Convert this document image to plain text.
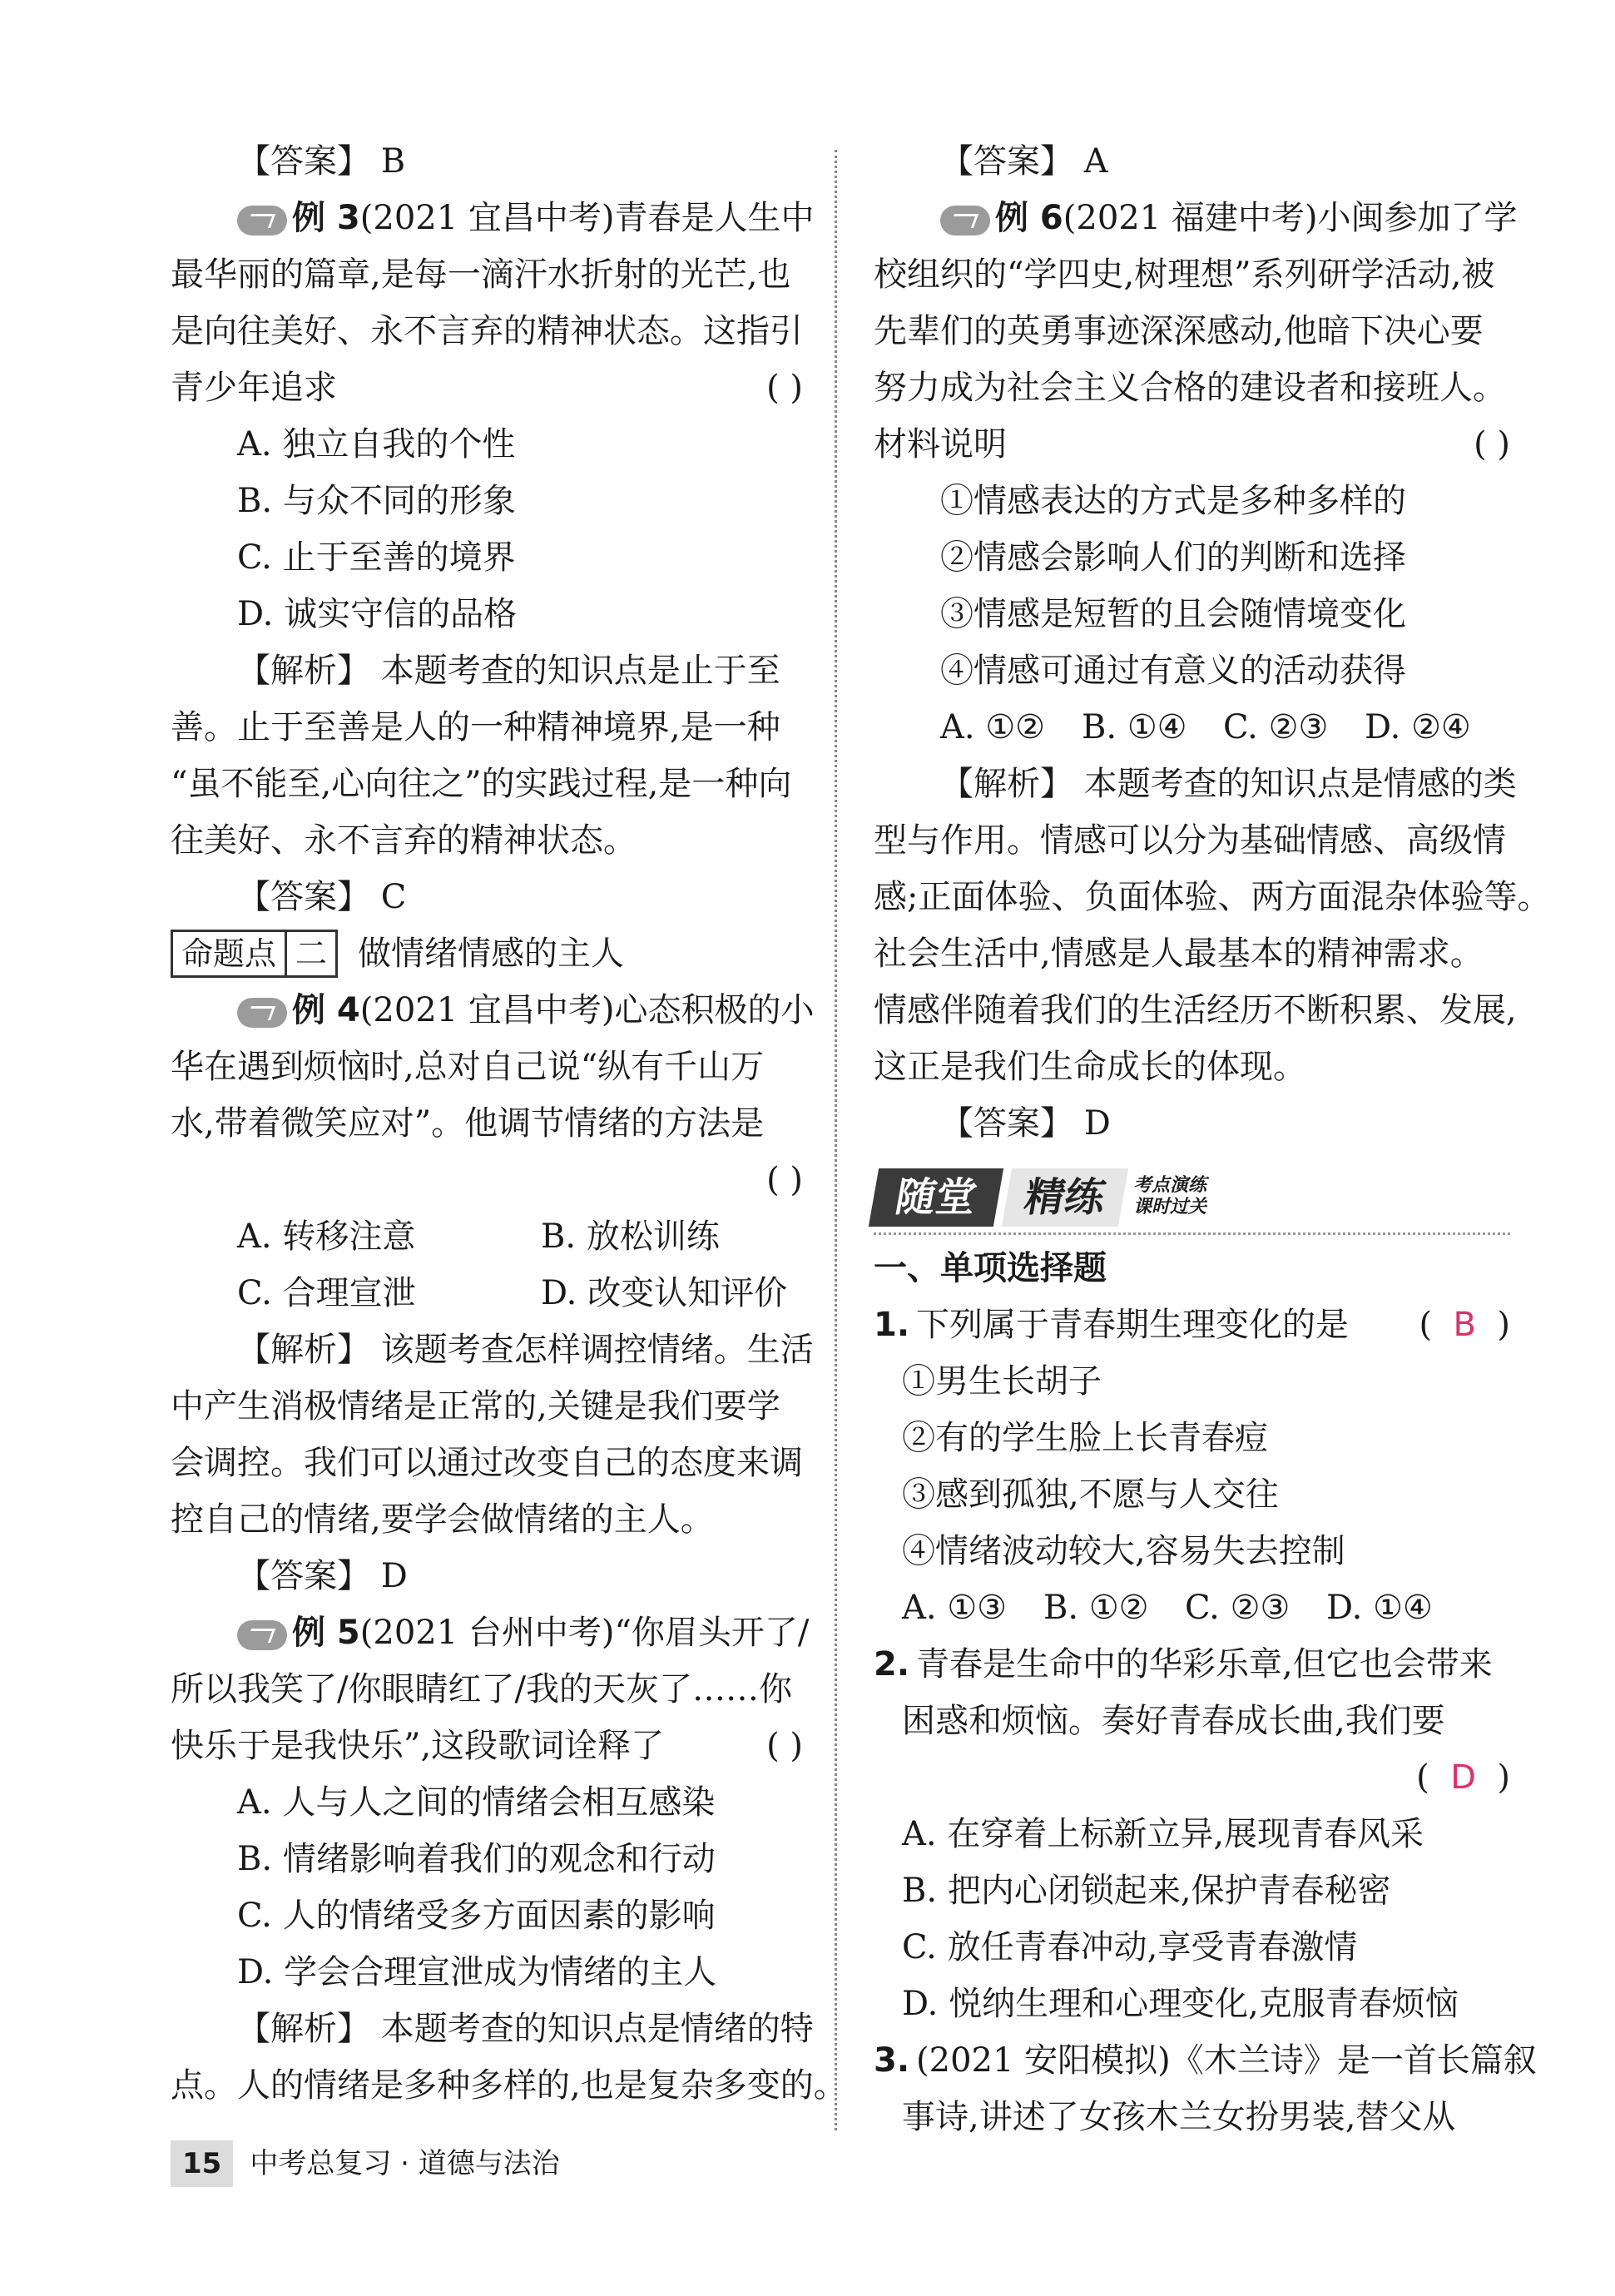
【答案】 B
例 3(2021 宜昌中考)青春是人生中
最华丽的篇章,是每一滴汗水折射的光芒,也
是向往美好、永不言弃的精神状态。这指引
青少年追求	( )
A. 独立自我的个性
B. 与众不同的形象
C. 止于至善的境界
D. 诚实守信的品格
【解析】 本题考查的知识点是止于至
善。止于至善是人的一种精神境界,是一种
“虽不能至,心向往之”的实践过程,是一种向
往美好、永不言弃的精神状态。
【答案】 C
命题点 二 做情绪情感的主人
例 4(2021 宜昌中考)心态积极的小
华在遇到烦恼时,总对自己说“纵有千山万
水,带着微笑应对”。他调节情绪的方法是
( )
A. 转移注意	B. 放松训练
C. 合理宣泄	D. 改变认知评价
【解析】 该题考查怎样调控情绪。生活
中产生消极情绪是正常的,关键是我们要学
会调控。我们可以通过改变自己的态度来调
控自己的情绪,要学会做情绪的主人。
【答案】 D
例 5(2021 台州中考)“你眉头开了/
所以我笑了/你眼睛红了/我的天灰了……你
快乐于是我快乐”,这段歌词诠释了	( )
A. 人与人之间的情绪会相互感染
B. 情绪影响着我们的观念和行动
C. 人的情绪受多方面因素的影响
D. 学会合理宣泄成为情绪的主人
【解析】 本题考查的知识点是情绪的特
点。人的情绪是多种多样的,也是复杂多变的。
【答案】 A
例 6(2021 福建中考)小闽参加了学
校组织的“学四史,树理想”系列研学活动,被
先辈们的英勇事迹深深感动,他暗下决心要
努力成为社会主义合格的建设者和接班人。
材料说明	( )
①情感表达的方式是多种多样的
②情感会影响人们的判断和选择
③情感是短暂的且会随情境变化
④情感可通过有意义的活动获得
A. ①② B. ①④ C. ②③ D. ②④
【解析】 本题考查的知识点是情感的类
型与作用。情感可以分为基础情感、高级情
感;正面体验、负面体验、两方面混杂体验等。
社会生活中,情感是人最基本的精神需求。
情感伴随着我们的生活经历不断积累、发展,
这正是我们生命成长的体现。
【答案】 D
随堂	精练	考点演练
课时过关
一、单项选择题
1. 下列属于青春期生理变化的是 (  B  )
①男生长胡子
②有的学生脸上长青春痘
③感到孤独,不愿与人交往
④情绪波动较大,容易失去控制
A. ①③ B. ①② C. ②③ D. ①④
2. 青春是生命中的华彩乐章,但它也会带来
困惑和烦恼。奏好青春成长曲,我们要
(  D  )
A. 在穿着上标新立异,展现青春风采
B. 把内心闭锁起来,保护青春秘密
C. 放任青春冲动,享受青春激情
D. 悦纳生理和心理变化,克服青春烦恼
3. (2021 安阳模拟)《木兰诗》是一首长篇叙
事诗,讲述了女孩木兰女扮男装,替父从
15 中考总复习 · 道德与法治
